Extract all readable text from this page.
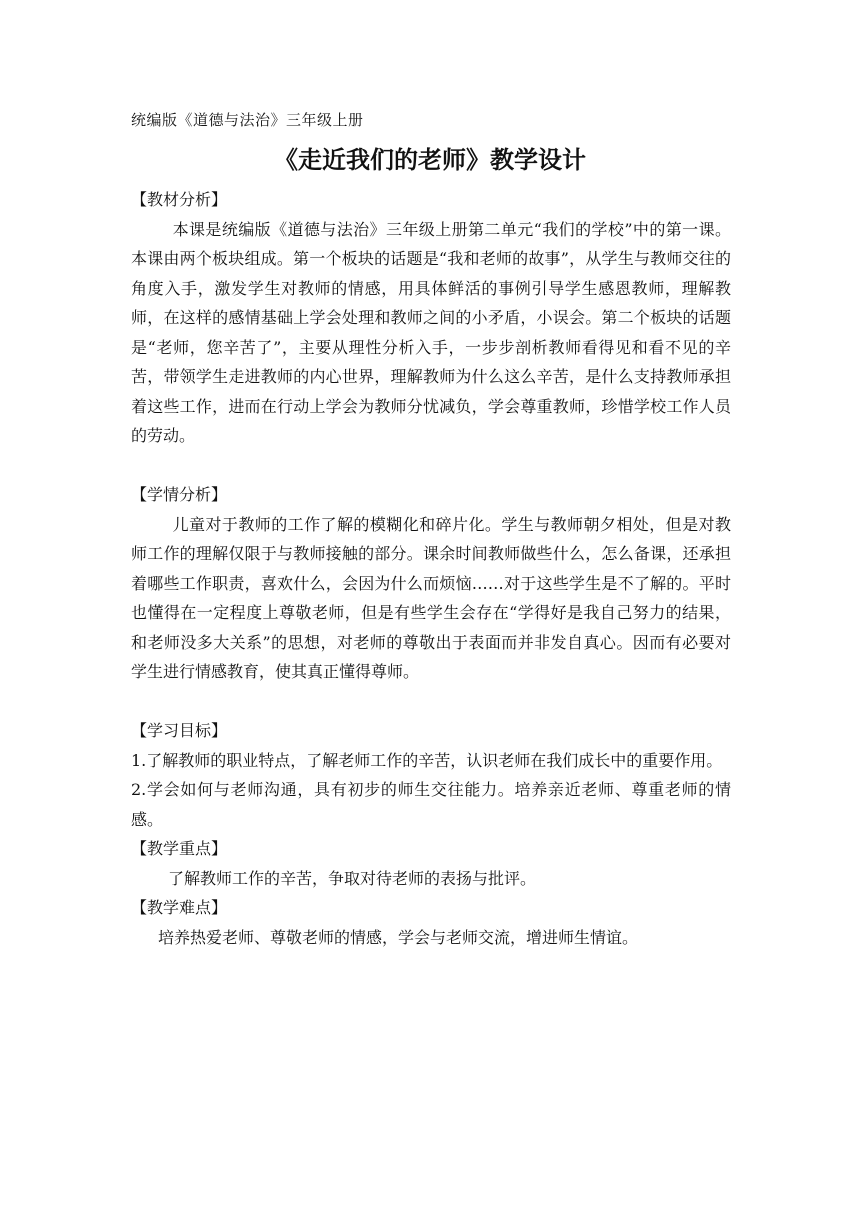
统编版《道德与法治》三年级上册
《走近我们的老师》教学设计
【教材分析】

本课是统编版《道德与法治》三年级上册第二单元“我们的学校”中的第一课。本课由两个板块组成。第一个板块的话题是“我和老师的故事”，从学生与教师交往的角度入手，激发学生对教师的情感，用具体鲜活的事例引导学生感恩教师，理解教师，在这样的感情基础上学会处理和教师之间的小矛盾，小误会。第二个板块的话题是“老师，您辛苦了”，主要从理性分析入手，一步步剖析教师看得见和看不见的辛苦，带领学生走进教师的内心世界，理解教师为什么这么辛苦，是什么支持教师承担着这些工作，进而在行动上学会为教师分忧减负，学会尊重教师，珍惜学校工作人员的劳动。

【学情分析】

儿童对于教师的工作了解的模糊化和碎片化。学生与教师朝夕相处，但是对教师工作的理解仅限于与教师接触的部分。课余时间教师做些什么，怎么备课，还承担着哪些工作职责，喜欢什么，会因为什么而烦恼……对于这些学生是不了解的。平时也懂得在一定程度上尊敬老师，但是有些学生会存在“学得好是我自己努力的结果，和老师没多大关系”的思想，对老师的尊敬出于表面而并非发自真心。因而有必要对学生进行情感教育，使其真正懂得尊师。

【学习目标】

1.了解教师的职业特点，了解老师工作的辛苦，认识老师在我们成长中的重要作用。

2.学会如何与老师沟通，具有初步的师生交往能力。培养亲近老师、尊重老师的情感。

【教学重点】

了解教师工作的辛苦，争取对待老师的表扬与批评。

【教学难点】

培养热爱老师、尊敬老师的情感，学会与老师交流，增进师生情谊。
